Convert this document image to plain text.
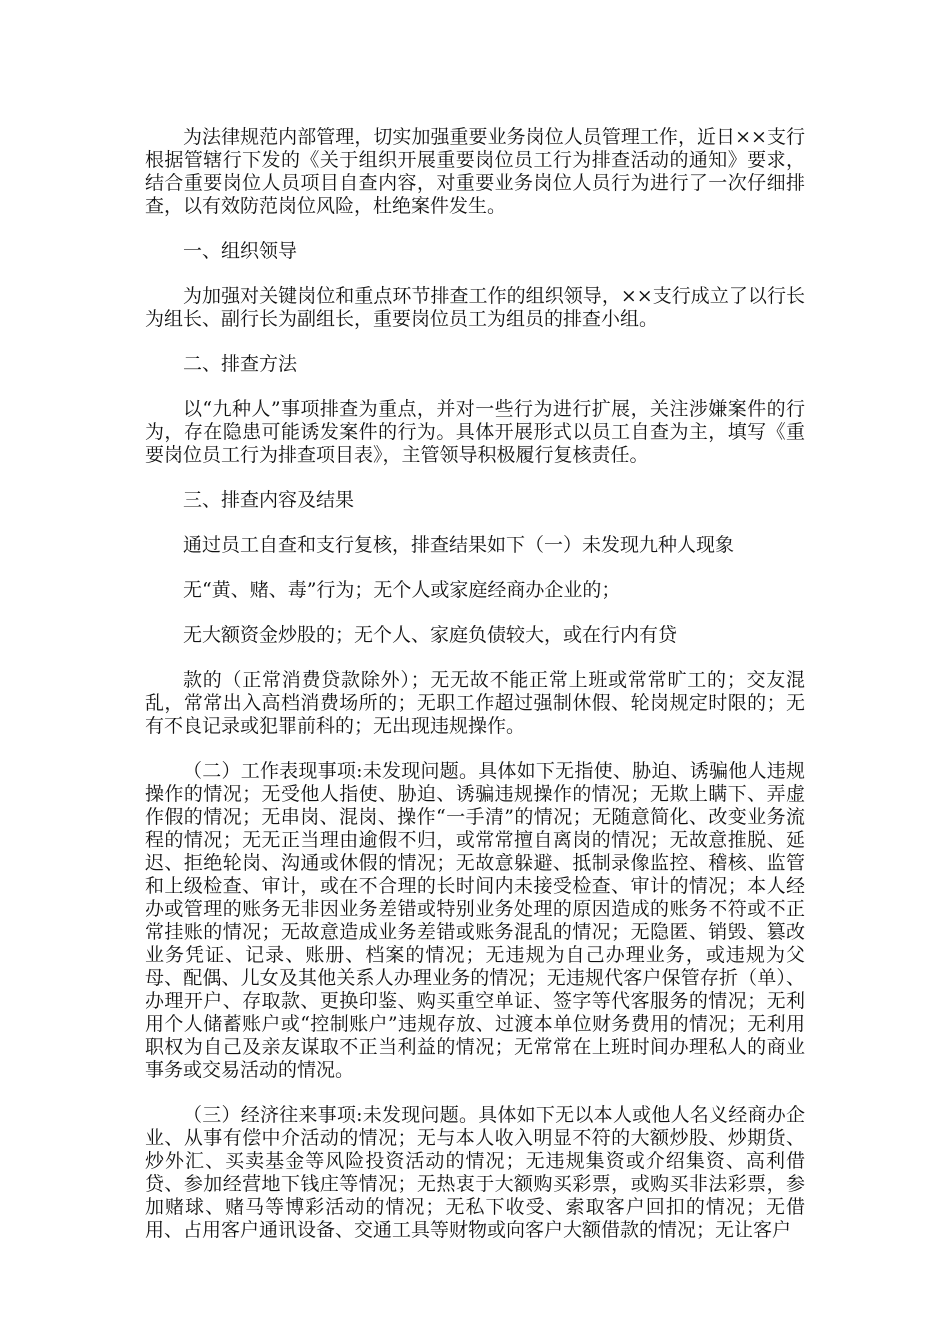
为法律规范内部管理，切实加强重要业务岗位人员管理工作，近日××支行根据管辖行下发的《关于组织开展重要岗位员工行为排查活动的通知》要求，结合重要岗位人员项目自查内容，对重要业务岗位人员行为进行了一次仔细排查，以有效防范岗位风险，杜绝案件发生。

一、组织领导

为加强对关键岗位和重点环节排查工作的组织领导，××支行成立了以行长为组长、副行长为副组长，重要岗位员工为组员的排查小组。

二、排查方法

以“九种人”事项排查为重点，并对一些行为进行扩展，关注涉嫌案件的行为，存在隐患可能诱发案件的行为。具体开展形式以员工自查为主，填写《重要岗位员工行为排查项目表》，主管领导积极履行复核责任。

三、排查内容及结果

通过员工自查和支行复核，排查结果如下（一）未发现九种人现象

无“黄、赌、毒”行为；无个人或家庭经商办企业的；

无大额资金炒股的；无个人、家庭负债较大，或在行内有贷

款的（正常消费贷款除外）；无无故不能正常上班或常常旷工的；交友混乱，常常出入高档消费场所的；无职工作超过强制休假、轮岗规定时限的；无有不良记录或犯罪前科的；无出现违规操作。

（二）工作表现事项:未发现问题。具体如下无指使、胁迫、诱骗他人违规操作的情况；无受他人指使、胁迫、诱骗违规操作的情况；无欺上瞒下、弄虚作假的情况；无串岗、混岗、操作“一手清”的情况；无随意简化、改变业务流程的情况；无无正当理由逾假不归，或常常擅自离岗的情况；无故意推脱、延迟、拒绝轮岗、沟通或休假的情况；无故意躲避、抵制录像监控、稽核、监管和上级检查、审计，或在不合理的长时间内未接受检查、审计的情况；本人经办或管理的账务无非因业务差错或特别业务处理的原因造成的账务不符或不正常挂账的情况；无故意造成业务差错或账务混乱的情况；无隐匿、销毁、篡改业务凭证、记录、账册、档案的情况；无违规为自己办理业务，或违规为父母、配偶、儿女及其他关系人办理业务的情况；无违规代客户保管存折（单）、办理开户、存取款、更换印鉴、购买重空单证、签字等代客服务的情况；无利用个人储蓄账户或“控制账户”违规存放、过渡本单位财务费用的情况；无利用职权为自己及亲友谋取不正当利益的情况；无常常在上班时间办理私人的商业事务或交易活动的情况。

（三）经济往来事项:未发现问题。具体如下无以本人或他人名义经商办企业、从事有偿中介活动的情况；无与本人收入明显不符的大额炒股、炒期货、炒外汇、买卖基金等风险投资活动的情况；无违规集资或介绍集资、高利借贷、参加经营地下钱庄等情况；无热衷于大额购买彩票，或购买非法彩票，参加赌球、赌马等博彩活动的情况；无私下收受、索取客户回扣的情况；无借用、占用客户通讯设备、交通工具等财物或向客户大额借款的情况；无让客户
